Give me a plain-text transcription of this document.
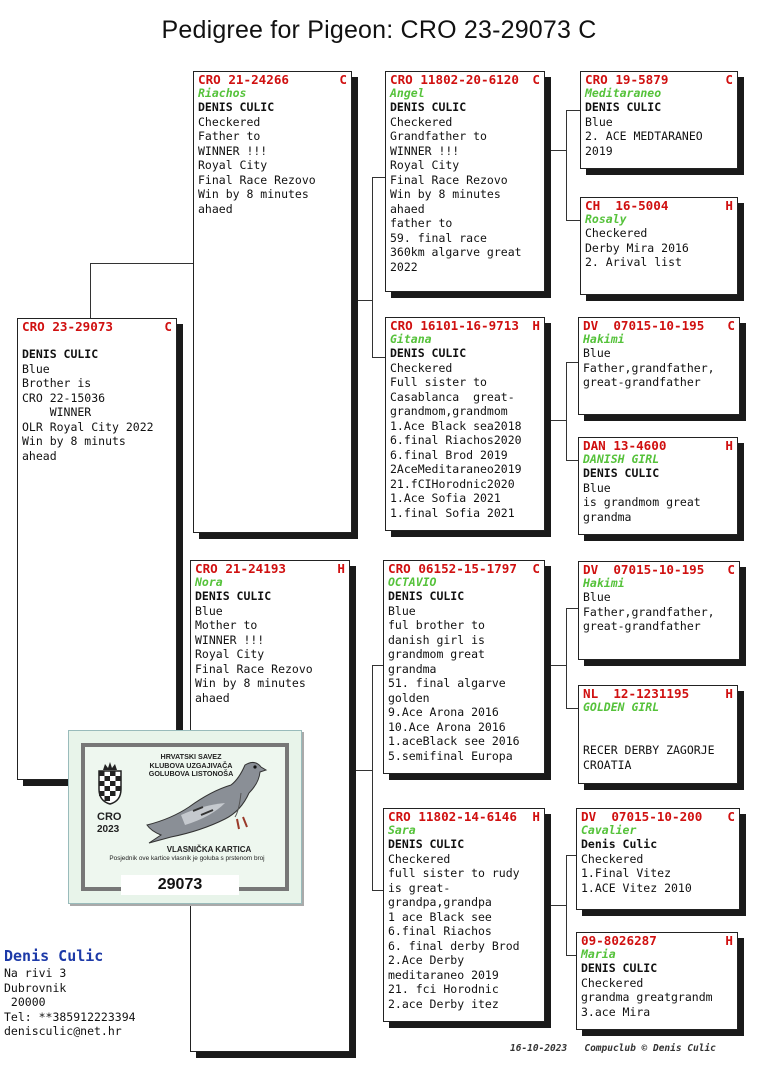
Pedigree for Pigeon: CRO 23-29073 C
CRO 23-29073	C
DENIS CULIC
Blue
Brother is
CRO 22-15036
WINNER
OLR Royal City 2022
Win by 8 minuts
ahead
CRO 21-24266	C
Riachos
DENIS CULIC
Checkered
Father to
WINNER !!!
Royal City
Final Race Rezovo
Win by 8 minutes
ahaed
CRO 21-24193	H
Nora
DENIS CULIC
Blue
Mother to
WINNER !!!
Royal City
Final Race Rezovo
Win by 8 minutes
ahaed
CRO 11802-20-6120 C
Angel
DENIS CULIC
Checkered
Grandfather to
WINNER !!!
Royal City
Final Race Rezovo
Win by 8 minutes
ahaed
father to
59. final race
360km algarve great
2022
CRO 16101-16-9713 H
Gitana
DENIS CULIC
Checkered
Full sister to
Casablanca  great-
grandmom,grandmom
1.Ace Black sea2018
6.final Riachos2020
6.final Brod 2019
2AceMeditaraneo2019
21.fCIHorodnic2020
1.Ace Sofia 2021
1.final Sofia 2021
CRO 06152-15-1797 C
OCTAVIO
DENIS CULIC
Blue
ful brother to
danish girl is
grandmom great
grandma
51. final algarve
golden
9.Ace Arona 2016
10.Ace Arona 2016
1.aceBlack see 2016
5.semifinal Europa
CRO 11802-14-6146 H
Sara
DENIS CULIC
Checkered
full sister to rudy
is great-
grandpa,grandpa
1 ace Black see
6.final Riachos
6. final derby Brod
2.Ace Derby
meditaraneo 2019
21. fci Horodnic
2.ace Derby itez
CRO 19-5879	C
Meditaraneo
DENIS CULIC
Blue
2. ACE MEDTARANEO
2019
CH  16-5004	H
Rosaly
Checkered
Derby Mira 2016
2. Arival list
DV  07015-10-195 C
Hakimi
Blue
Father,grandfather,
great-grandfather
DAN 13-4600	H
DANISH GIRL
DENIS CULIC
Blue
is grandmom great
grandma
DV  07015-10-195 C
Hakimi
Blue
Father,grandfather,
great-grandfather
NL  12-1231195	H
GOLDEN GIRL

RECER DERBY ZAGORJE
CROATIA
DV  07015-10-200 C
Cavalier
Denis Culic
Checkered
1.Final Vitez
1.ACE Vitez 2010
09-8026287	H
Maria
DENIS CULIC
Checkered
grandma greatgrandm
3.ace Mira
HRVATSKI SAVEZ
KLUBOVA UZGAJIVAČA
GOLUBOVA LISTONOŠA
CRO
2023
VLASNIČKA KARTICA
Posjednik ove kartice vlasnik je goluba s prstenom broj
29073
Denis Culic
Na rivi 3
Dubrovnik
20000
Tel: **385912223394
denisculic@net.hr
16-10-2023   Compuclub © Denis Culic
